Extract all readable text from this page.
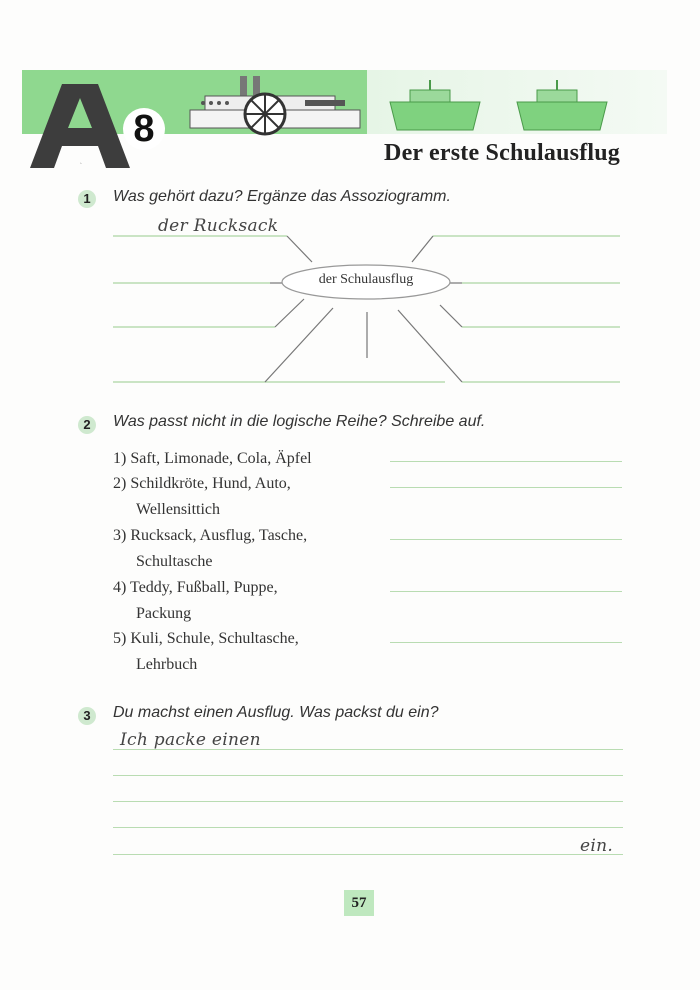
A
8
Der erste Schulausflug
1	Was gehört dazu? Ergänze das Assoziogramm.
der Rucksack
der Schulausflug
2	Was passt nicht in die logische Reihe? Schreibe auf.
1) Saft, Limonade, Cola, Äpfel
2) Schildkröte, Hund, Auto,
Wellensittich
3) Rucksack, Ausflug, Tasche,
Schultasche
4) Teddy, Fußball, Puppe,
Packung
5) Kuli, Schule, Schultasche,
Lehrbuch
3	Du machst einen Ausflug. Was packst du ein?
Ich packe einen
ein.
57
